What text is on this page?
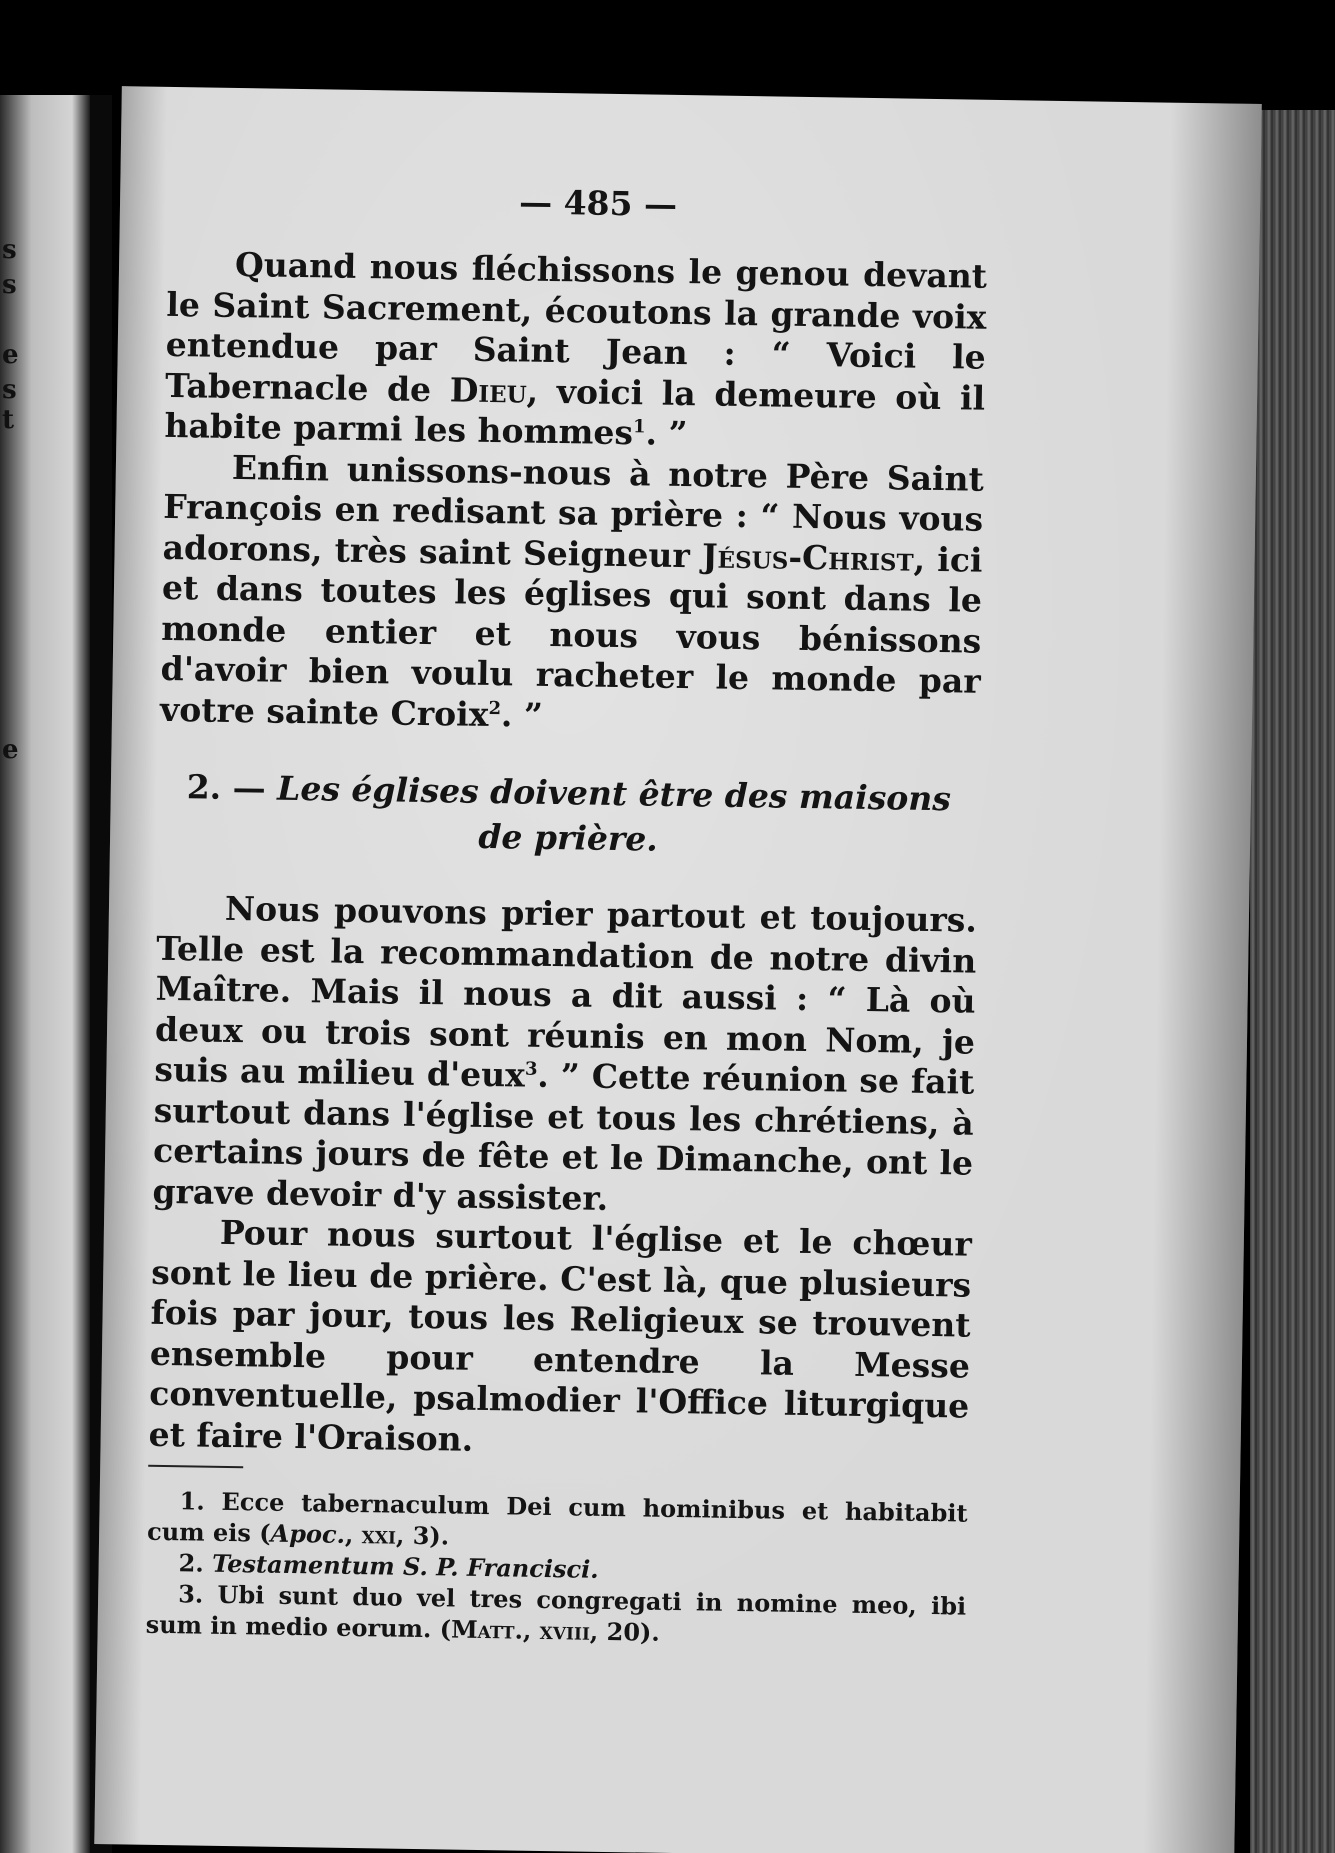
s
s
e
s
t
e
— 485 —

Quand nous fléchissons le genou devant le Saint Sacrement, écoutons la grande voix entendue par Saint Jean : “ Voici le Tabernacle de Dieu, voici la demeure où il habite parmi les hommes$^1$. ”

Enfin unissons-nous à notre Père Saint François en redisant sa prière : “ Nous vous adorons, très saint Seigneur Jésus-Christ, ici et dans toutes les églises qui sont dans le monde entier et nous vous bénissons d'avoir bien voulu racheter le monde par votre sainte Croix$^2$. ”

2. — Les églises doivent être des maisons
de prière.

Nous pouvons prier partout et toujours. Telle est la recommandation de notre divin Maître. Mais il nous a dit aussi : “ Là où deux ou trois sont réunis en mon Nom, je suis au milieu d'eux$^3$. ” Cette réunion se fait surtout dans l'église et tous les chrétiens, à certains jours de fête et le Dimanche, ont le grave devoir d'y assister.

Pour nous surtout l'église et le chœur sont le lieu de prière. C'est là, que plusieurs fois par jour, tous les Religieux se trouvent ensemble pour entendre la Messe conventuelle, psalmodier l'Office liturgique et faire l'Oraison.

1. Ecce tabernaculum Dei cum hominibus et habitabit cum eis (Apoc., xxi, 3).

2. Testamentum S. P. Francisci.

3. Ubi sunt duo vel tres congregati in nomine meo, ibi sum in medio eorum. (Matt., xviii, 20).
